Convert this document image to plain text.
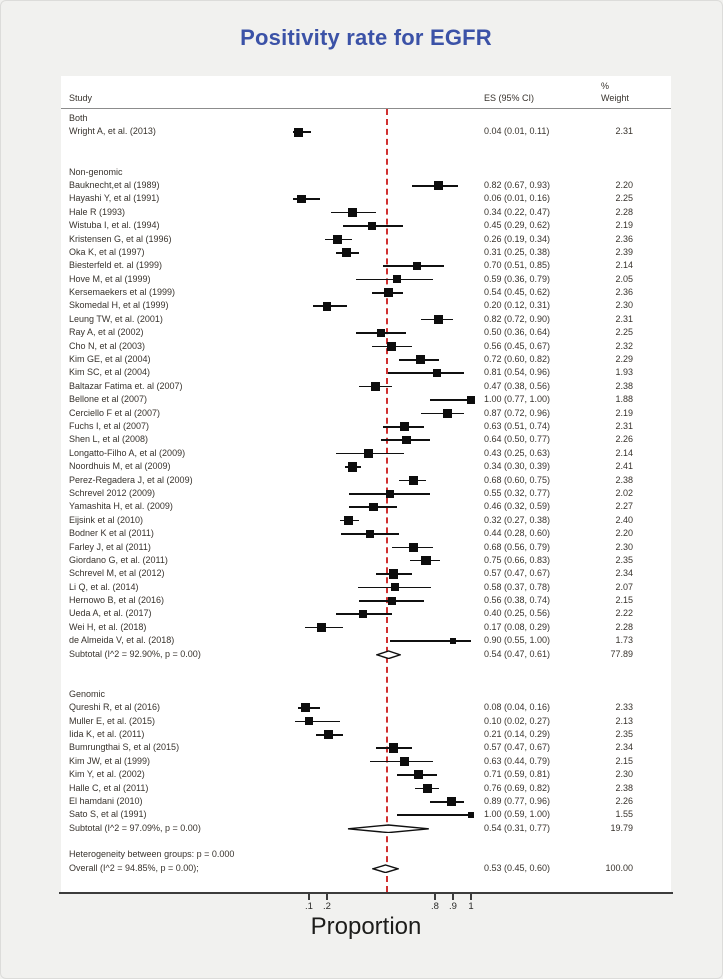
Positivity rate for EGFR
Study	ES (95% CI)
%
Weight
Both
Wright A, et al. (2013)	0.04 (0.01, 0.11)	2.31
Non-genomic
Bauknecht,et al (1989)	0.82 (0.67, 0.93)	2.20
Hayashi Y, et al (1991)	0.06 (0.01, 0.16)	2.25
Hale R (1993)	0.34 (0.22, 0.47)	2.28
Wistuba I, et al. (1994)	0.45 (0.29, 0.62)	2.19
Kristensen G, et al (1996)	0.26 (0.19, 0.34)	2.36
Oka K, et al (1997)	0.31 (0.25, 0.38)	2.39
Biesterfeld et. al (1999)	0.70 (0.51, 0.85)	2.14
Hove M, et al (1999)	0.59 (0.36, 0.79)	2.05
Kersemaekers et al (1999)	0.54 (0.45, 0.62)	2.36
Skomedal H, et al (1999)	0.20 (0.12, 0.31)	2.30
Leung TW, et al. (2001)	0.82 (0.72, 0.90)	2.31
Ray A, et al (2002)	0.50 (0.36, 0.64)	2.25
Cho N, et al (2003)	0.56 (0.45, 0.67)	2.32
Kim GE, et al (2004)	0.72 (0.60, 0.82)	2.29
Kim SC, et al (2004)	0.81 (0.54, 0.96)	1.93
Baltazar Fatima et. al (2007)	0.47 (0.38, 0.56)	2.38
Bellone et al (2007)	1.00 (0.77, 1.00)	1.88
Cerciello F et al (2007)	0.87 (0.72, 0.96)	2.19
Fuchs I, et al (2007)	0.63 (0.51, 0.74)	2.31
Shen L, et al (2008)	0.64 (0.50, 0.77)	2.26
Longatto-Filho A, et al (2009)	0.43 (0.25, 0.63)	2.14
Noordhuis M, et al (2009)	0.34 (0.30, 0.39)	2.41
Perez-Regadera J, et al (2009)	0.68 (0.60, 0.75)	2.38
Schrevel 2012 (2009)	0.55 (0.32, 0.77)	2.02
Yamashita H, et al. (2009)	0.46 (0.32, 0.59)	2.27
Eijsink et al (2010)	0.32 (0.27, 0.38)	2.40
Bodner K et al (2011)	0.44 (0.28, 0.60)	2.20
Farley J, et al (2011)	0.68 (0.56, 0.79)	2.30
Giordano G, et al. (2011)	0.75 (0.66, 0.83)	2.35
Schrevel M, et al (2012)	0.57 (0.47, 0.67)	2.34
Li Q, et al. (2014)	0.58 (0.37, 0.78)	2.07
Hernowo B, et al (2016)	0.56 (0.38, 0.74)	2.15
Ueda A, et al. (2017)	0.40 (0.25, 0.56)	2.22
Wei H, et al. (2018)	0.17 (0.08, 0.29)	2.28
de Almeida V, et al. (2018)	0.90 (0.55, 1.00)	1.73
Subtotal (I^2 = 92.90%, p = 0.00)	0.54 (0.47, 0.61)	77.89
Genomic
Qureshi R, et al (2016)	0.08 (0.04, 0.16)	2.33
Muller E, et al. (2015)	0.10 (0.02, 0.27)	2.13
Iida K, et al. (2011)	0.21 (0.14, 0.29)	2.35
Bumrungthai S, et al (2015)	0.57 (0.47, 0.67)	2.34
Kim JW, et al (1999)	0.63 (0.44, 0.79)	2.15
Kim Y, et al. (2002)	0.71 (0.59, 0.81)	2.30
Halle C, et al (2011)	0.76 (0.69, 0.82)	2.38
El hamdani (2010)	0.89 (0.77, 0.96)	2.26
Sato S, et al (1991)	1.00 (0.59, 1.00)	1.55
Subtotal (I^2 = 97.09%, p = 0.00)	0.54 (0.31, 0.77)	19.79
Heterogeneity between groups: p = 0.000
Overall (I^2 = 94.85%, p = 0.00);	0.53 (0.45, 0.60)	100.00
.1	.2	.8	.9	1
Proportion
